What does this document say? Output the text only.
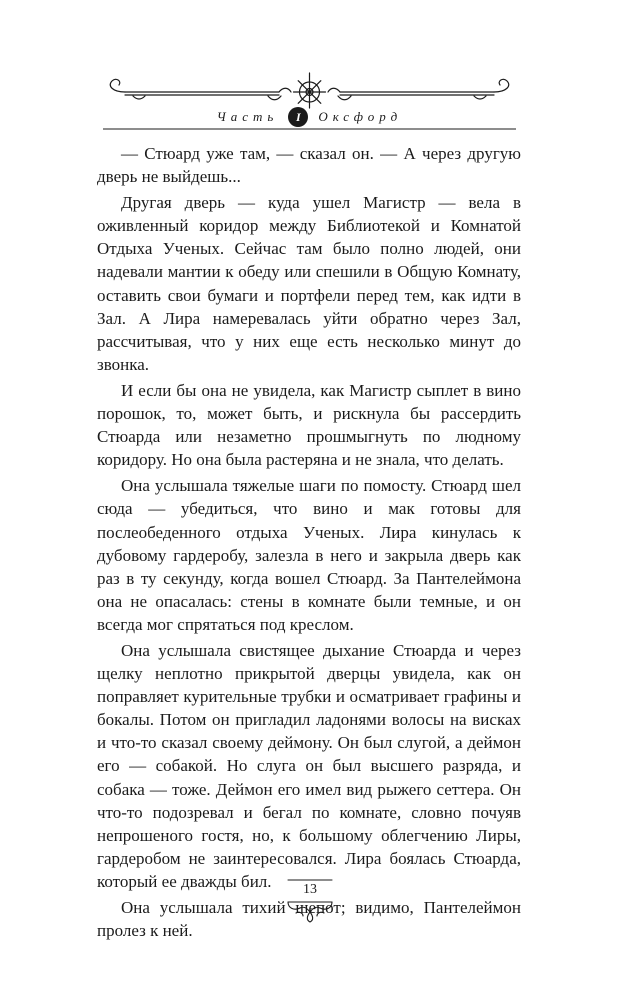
Часть	I	Оксфорд

— Стюард уже там, — сказал он. — А через другую дверь не выйдешь...

Другая дверь — куда ушел Магистр — вела в оживленный коридор между Библиотекой и Комнатой Отдыха Ученых. Сейчас там было полно людей, они надевали мантии к обеду или спешили в Общую Комнату, оставить свои бумаги и портфели перед тем, как идти в Зал. А Лира намеревалась уйти обратно через Зал, рассчитывая, что у них еще есть несколько минут до звонка.

И если бы она не увидела, как Магистр сыплет в вино порошок, то, может быть, и рискнула бы рассердить Стюарда или незаметно прошмыгнуть по людному коридору. Но она была растеряна и не знала, что делать.

Она услышала тяжелые шаги по помосту. Стюард шел сюда — убедиться, что вино и мак готовы для послеобеденного отдыха Ученых. Лира кинулась к дубовому гардеробу, залезла в него и закрыла дверь как раз в ту секунду, когда вошел Стюард. За Пантелеймона она не опасалась: стены в комнате были темные, и он всегда мог спрятаться под креслом.

Она услышала свистящее дыхание Стюарда и через щелку неплотно прикрытой дверцы увидела, как он поправляет курительные трубки и осматривает графины и бокалы. Потом он пригладил ладонями волосы на висках и что-то сказал своему деймону. Он был слугой, а деймон его — собакой. Но слуга он был высшего разряда, и собака — тоже. Деймон его имел вид рыжего сеттера. Он что-то подозревал и бегал по комнате, словно почуяв непрошеного гостя, но, к большому облегчению Лиры, гардеробом не заинтересовался. Лира боялась Стюарда, который ее дважды бил.

Она услышала тихий шепот; видимо, Пантелеймон пролез к ней.

13
